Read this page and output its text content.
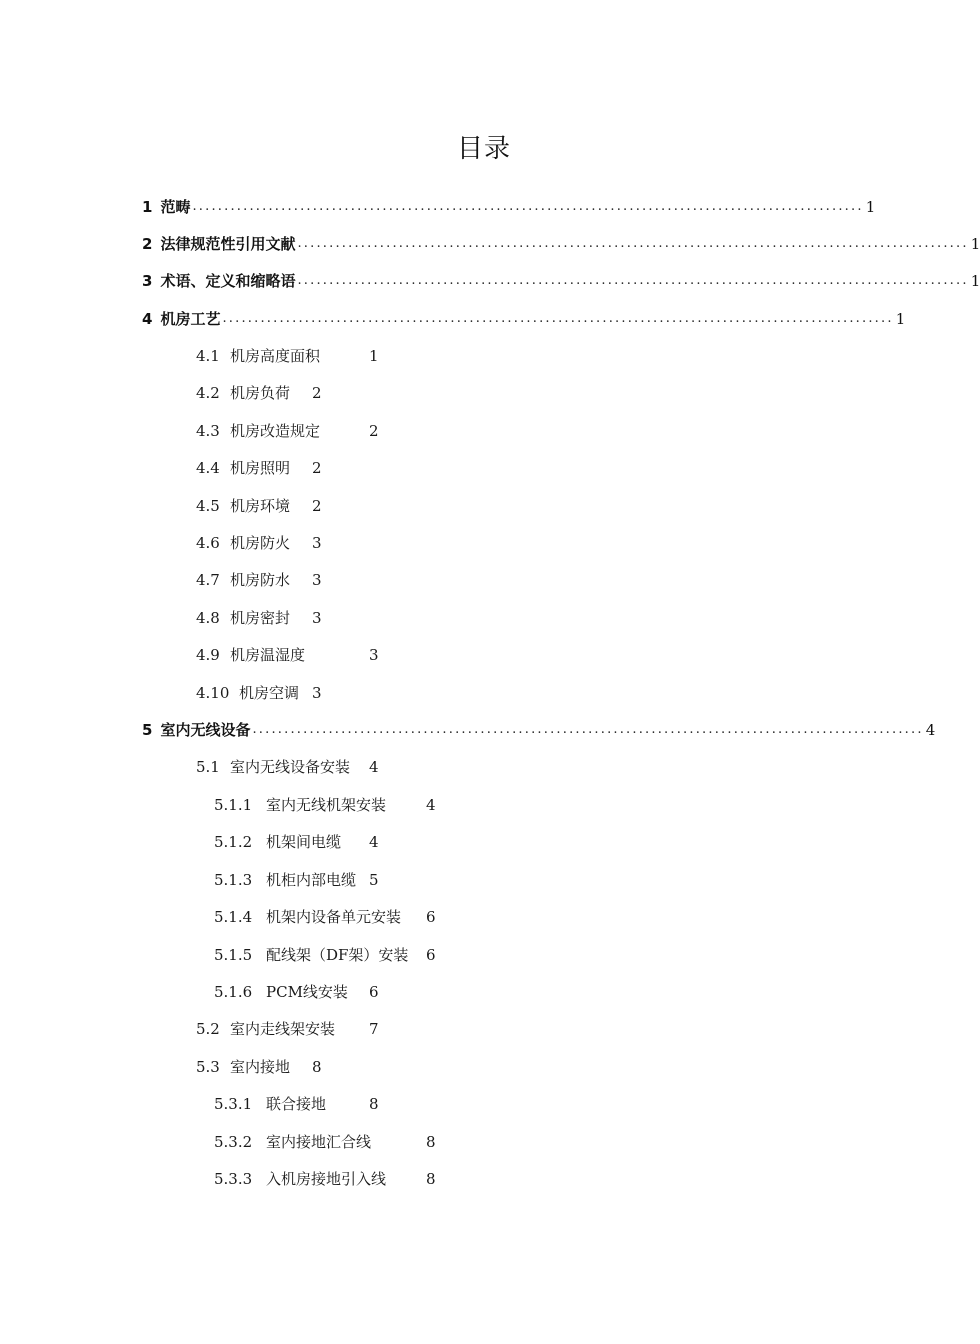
目录
1 范畴 .......................................................................................................... 1
2 法律规范性引用文献 .......................................................................................................... 1
3 术语、定义和缩略语 .......................................................................................................... 1
4 机房工艺 .......................................................................................................... 1
4.1 机房高度面积	1
4.2 机房负荷 2
4.3 机房改造规定	2
4.4 机房照明 2
4.5 机房环境 2
4.6 机房防火 3
4.7 机房防水 3
4.8 机房密封 3
4.9 机房温湿度	3
4.10 机房空调 3
5 室内无线设备 .......................................................................................................... 4
5.1 室内无线设备安装 4
5.1.1 室内无线机架安装	4
5.1.2 机架间电缆 4
5.1.3 机柜内部电缆 5
5.1.4 机架内设备单元安装 6
5.1.5 配线架（DF架）安装 6
5.1.6 PCM线安装 6
5.2 室内走线架安装 7
5.3 室内接地 8
5.3.1 联合接地	8
5.3.2 室内接地汇合线	8
5.3.3 入机房接地引入线	8
